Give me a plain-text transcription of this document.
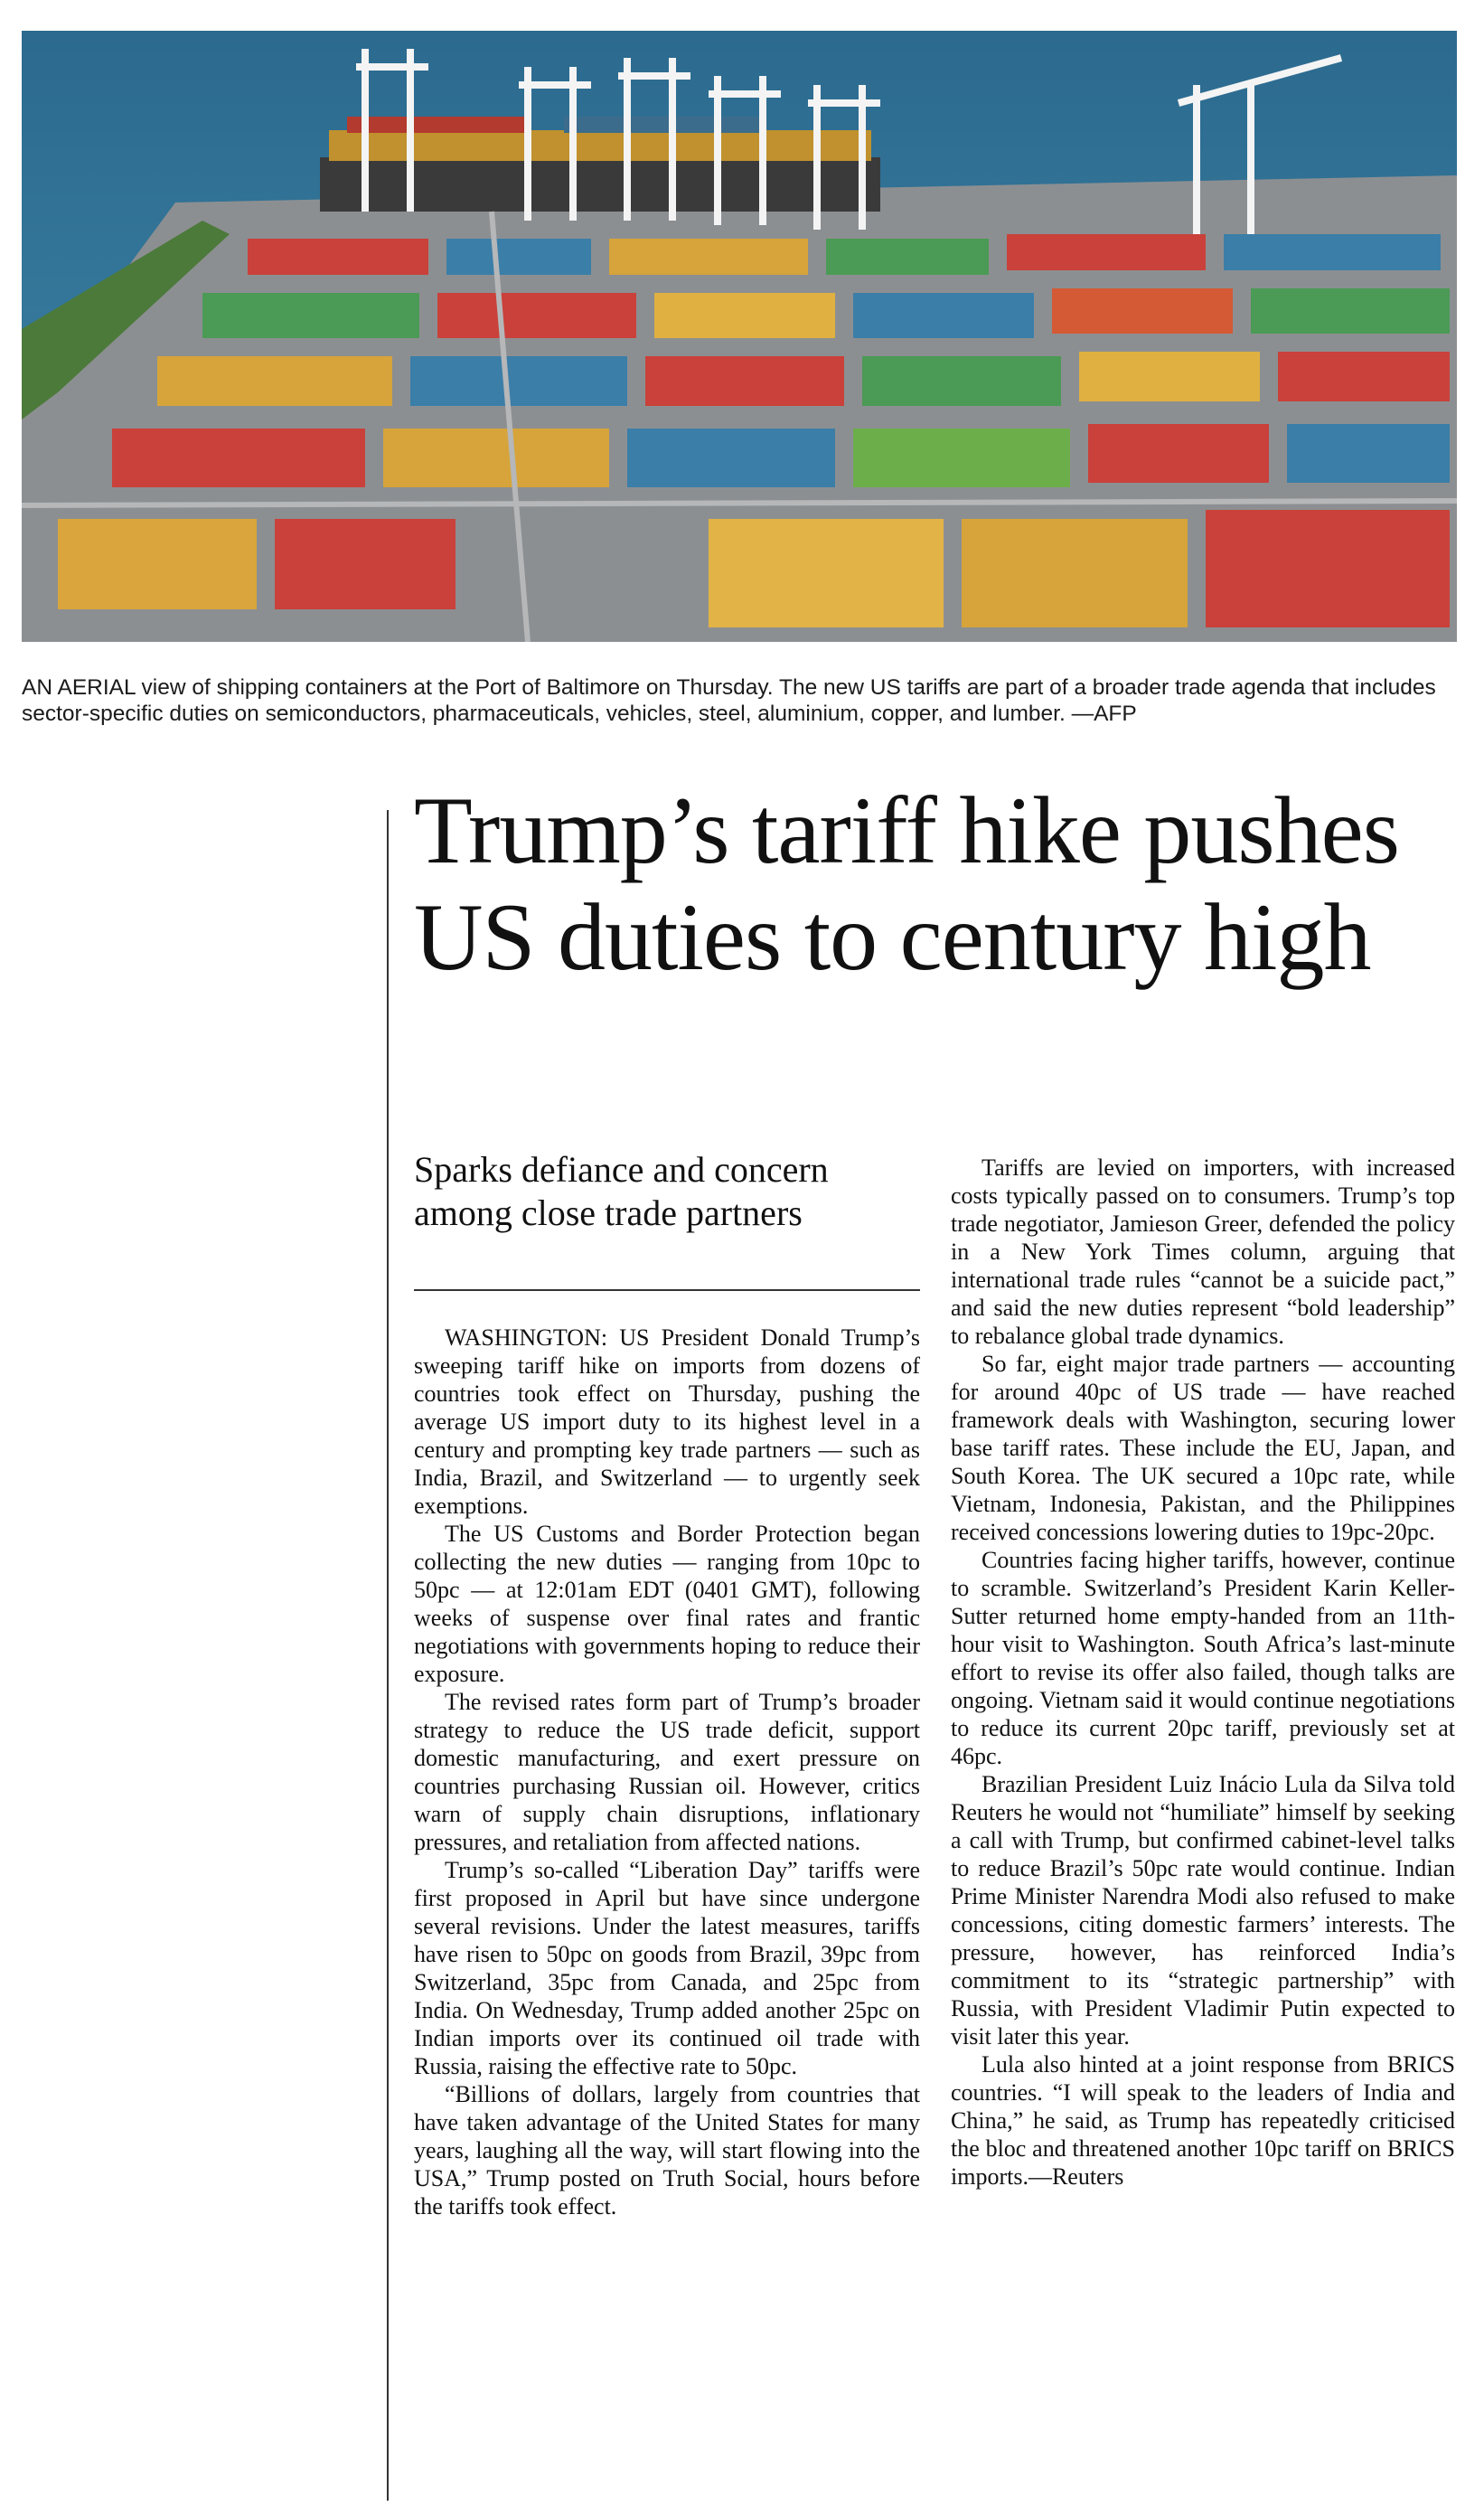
AN AERIAL view of shipping containers at the Port of Baltimore on Thursday. The new US tariffs are part of a broader trade agenda that includes sector-specific duties on semiconductors, pharmaceuticals, vehicles, steel, aluminium, copper, and lumber. —AFP
Trump’s tariff hike pushes US duties to century high
Sparks defiance and concern among close trade partners

WASHINGTON: US President Donald Trump’s sweeping tariff hike on imports from dozens of countries took effect on Thursday, pushing the average US import duty to its highest level in a century and prompting key trade partners — such as India, Brazil, and Switzerland — to urgently seek exemptions.

The US Customs and Border Protection began collecting the new duties — ranging from 10pc to 50pc — at 12:01am EDT (0401 GMT), following weeks of suspense over final rates and frantic negotiations with governments hoping to reduce their exposure.

The revised rates form part of Trump’s broader strategy to reduce the US trade deficit, support domestic manufacturing, and exert pressure on countries purchasing Russian oil. However, critics warn of supply chain disruptions, inflationary pressures, and retaliation from affected nations.

Trump’s so-called “Liberation Day” tariffs were first proposed in April but have since undergone several revisions. Under the latest measures, tariffs have risen to 50pc on goods from Brazil, 39pc from Switzerland, 35pc from Canada, and 25pc from India. On Wednesday, Trump added another 25pc on Indian imports over its continued oil trade with Russia, raising the effective rate to 50pc.

“Billions of dollars, largely from countries that have taken advantage of the United States for many years, laughing all the way, will start flowing into the USA,” Trump posted on Truth Social, hours before the tariffs took effect.

Tariffs are levied on importers, with increased costs typically passed on to consumers. Trump’s top trade negotiator, Jamieson Greer, defended the policy in a New York Times column, arguing that international trade rules “cannot be a suicide pact,” and said the new duties represent “bold leadership” to rebalance global trade dynamics.

So far, eight major trade partners — accounting for around 40pc of US trade — have reached framework deals with Washington, securing lower base tariff rates. These include the EU, Japan, and South Korea. The UK secured a 10pc rate, while Vietnam, Indonesia, Pakistan, and the Philippines received concessions lowering duties to 19pc-20pc.

Countries facing higher tariffs, however, continue to scramble. Switzerland’s President Karin Keller-Sutter returned home empty-handed from an 11th-hour visit to Washington. South Africa’s last-minute effort to revise its offer also failed, though talks are ongoing. Vietnam said it would continue negotiations to reduce its current 20pc tariff, previously set at 46pc.

Brazilian President Luiz Inácio Lula da Silva told Reuters he would not “humiliate” himself by seeking a call with Trump, but confirmed cabinet-level talks to reduce Brazil’s 50pc rate would continue. Indian Prime Minister Narendra Modi also refused to make concessions, citing domestic farmers’ interests. The pressure, however, has reinforced India’s commitment to its “strategic partnership” with Russia, with President Vladimir Putin expected to visit later this year.

Lula also hinted at a joint response from BRICS countries. “I will speak to the leaders of India and China,” he said, as Trump has repeatedly criticised the bloc and threatened another 10pc tariff on BRICS imports.—Reuters
